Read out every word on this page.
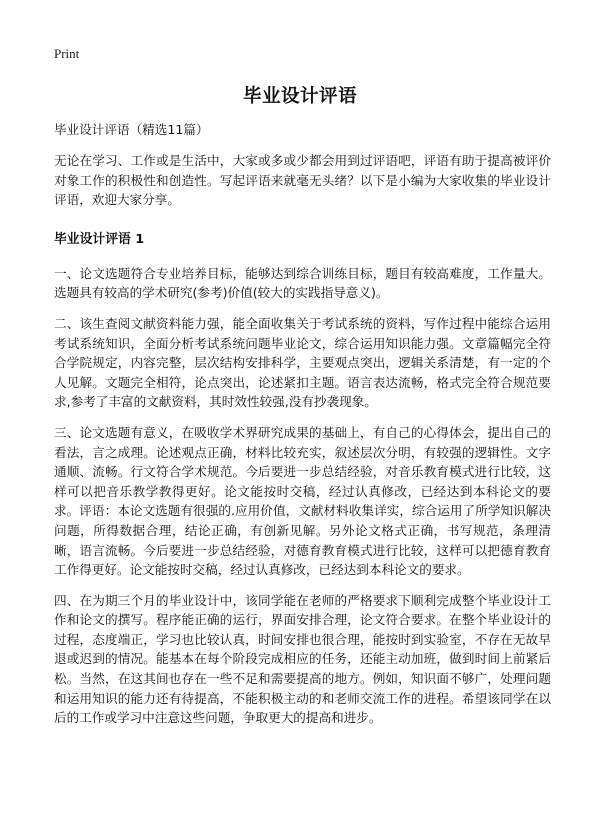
Print
毕业设计评语
毕业设计评语（精选11篇）

无论在学习、工作或是生活中，大家或多或少都会用到过评语吧，评语有助于提高被评价对象工作的积极性和创造性。写起评语来就毫无头绪？以下是小编为大家收集的毕业设计评语，欢迎大家分享。

毕业设计评语 1

一、论文选题符合专业培养目标，能够达到综合训练目标，题目有较高难度，工作量大。选题具有较高的学术研究(参考)价值(较大的实践指导意义)。

二、该生查阅文献资料能力强，能全面收集关于考试系统的资料，写作过程中能综合运用考试系统知识，全面分析考试系统问题毕业论文，综合运用知识能力强。文章篇幅完全符合学院规定，内容完整，层次结构安排科学，主要观点突出，逻辑关系清楚，有一定的个人见解。文题完全相符，论点突出，论述紧扣主题。语言表达流畅，格式完全符合规范要求,参考了丰富的文献资料，其时效性较强,没有抄袭现象。

三、论文选题有意义，在吸收学术界研究成果的基础上，有自己的心得体会，提出自己的看法，言之成理。论述观点正确，材料比较充实，叙述层次分明，有较强的逻辑性。文字通顺、流畅。行文符合学术规范。今后要进一步总结经验，对音乐教育模式进行比较，这样可以把音乐教学教得更好。论文能按时交稿，经过认真修改，已经达到本科论文的要求。评语：本论文选题有很强的.应用价值，文献材料收集详实，综合运用了所学知识解决问题，所得数据合理，结论正确，有创新见解。另外论文格式正确，书写规范，条理清晰，语言流畅。今后要进一步总结经验，对德育教育模式进行比较，这样可以把德育教育工作得更好。论文能按时交稿，经过认真修改，已经达到本科论文的要求。

四、在为期三个月的毕业设计中，该同学能在老师的严格要求下顺利完成整个毕业设计工作和论文的撰写。程序能正确的运行，界面安排合理，论文符合要求。在整个毕业设计的过程，态度端正，学习也比较认真，时间安排也很合理，能按时到实验室，不存在无故早退或迟到的情况。能基本在每个阶段完成相应的任务，还能主动加班，做到时间上前紧后松。当然，在这其间也存在一些不足和需要提高的地方。例如，知识面不够广，处理问题和运用知识的能力还有待提高，不能积极主动的和老师交流工作的进程。希望该同学在以后的工作或学习中注意这些问题，争取更大的提高和进步。
